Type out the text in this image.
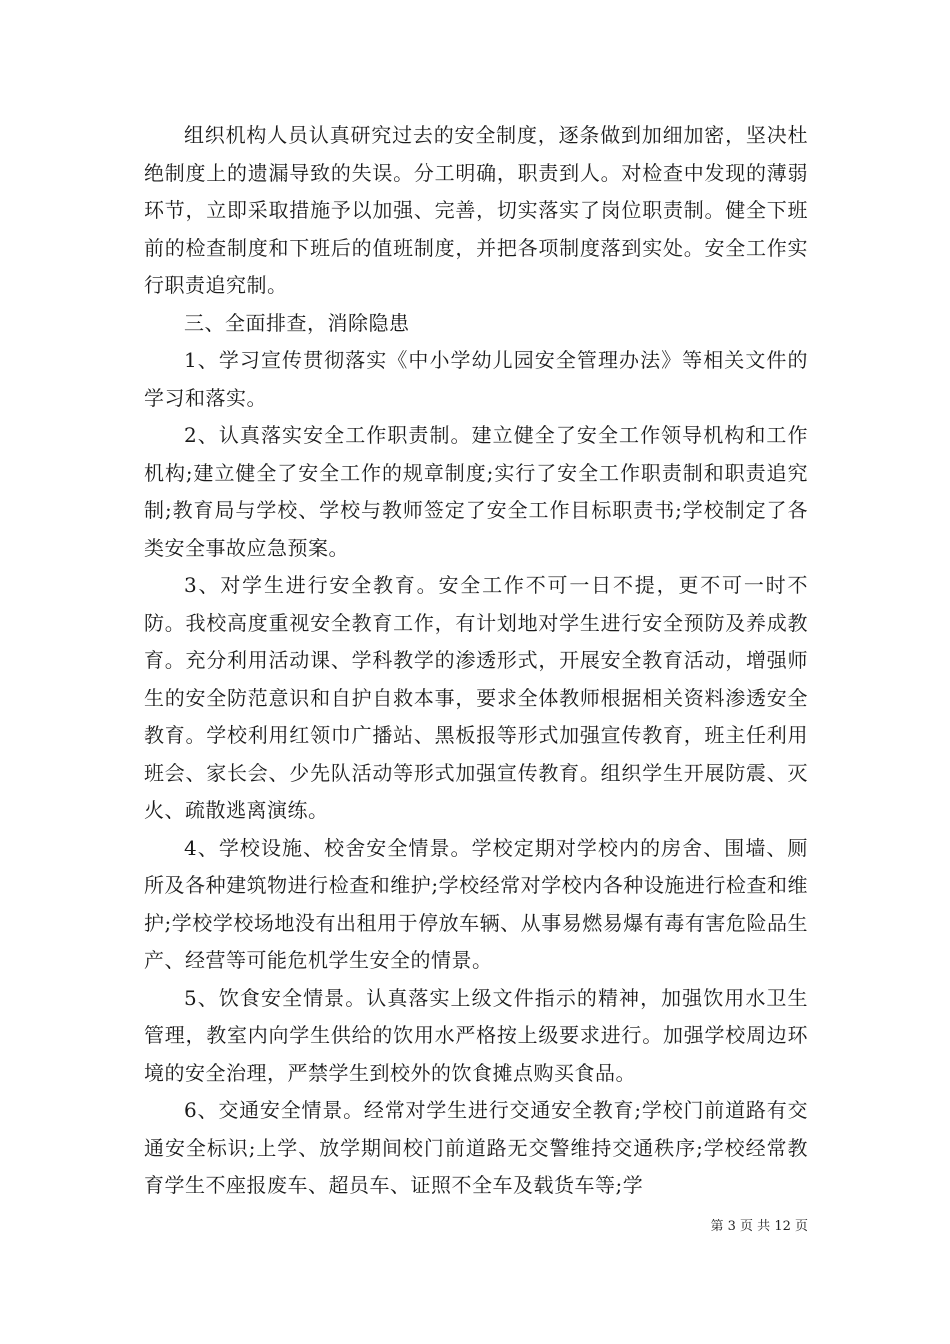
组织机构人员认真研究过去的安全制度，逐条做到加细加密，坚决杜绝制度上的遗漏导致的失误。分工明确，职责到人。对检查中发现的薄弱环节，立即采取措施予以加强、完善，切实落实了岗位职责制。健全下班前的检查制度和下班后的值班制度，并把各项制度落到实处。安全工作实行职责追究制。

三、全面排查，消除隐患

1、学习宣传贯彻落实《中小学幼儿园安全管理办法》等相关文件的学习和落实。

2、认真落实安全工作职责制。建立健全了安全工作领导机构和工作机构;建立健全了安全工作的规章制度;实行了安全工作职责制和职责追究制;教育局与学校、学校与教师签定了安全工作目标职责书;学校制定了各类安全事故应急预案。

3、对学生进行安全教育。安全工作不可一日不提，更不可一时不防。我校高度重视安全教育工作，有计划地对学生进行安全预防及养成教育。充分利用活动课、学科教学的渗透形式，开展安全教育活动，增强师生的安全防范意识和自护自救本事，要求全体教师根据相关资料渗透安全教育。学校利用红领巾广播站、黑板报等形式加强宣传教育，班主任利用班会、家长会、少先队活动等形式加强宣传教育。组织学生开展防震、灭火、疏散逃离演练。

4、学校设施、校舍安全情景。学校定期对学校内的房舍、围墙、厕所及各种建筑物进行检查和维护;学校经常对学校内各种设施进行检查和维护;学校学校场地没有出租用于停放车辆、从事易燃易爆有毒有害危险品生产、经营等可能危机学生安全的情景。

5、饮食安全情景。认真落实上级文件指示的精神，加强饮用水卫生管理，教室内向学生供给的饮用水严格按上级要求进行。加强学校周边环境的安全治理，严禁学生到校外的饮食摊点购买食品。

6、交通安全情景。经常对学生进行交通安全教育;学校门前道路有交通安全标识;上学、放学期间校门前道路无交警维持交通秩序;学校经常教育学生不座报废车、超员车、证照不全车及载货车等;学

第 3 页 共 12 页
